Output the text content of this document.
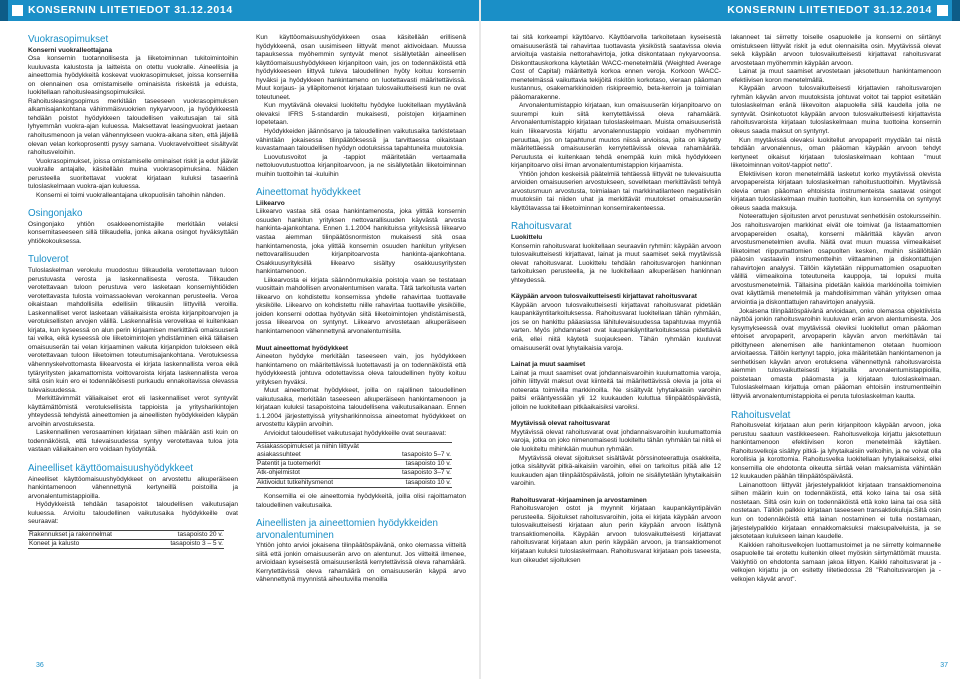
KONSERNIN LIITETIEDOT 31.12.2014	KONSERNIN LIITETIEDOT 31.12.2014
Vuokrasopimukset

Konserni vuokralleottajana

Osa konsernin tuotannollisesta ja liiketoiminnan tukitoimintoihin kuuluvasta kalustosta ja laitteista on otettu vuokralle. Aineellisia ja aineettomia hyödykkeitä koskevat vuokrasopimukset, joissa konsernilla on olennainen osa omistamiselle ominaisista riskeistä ja eduista, luokitellaan rahoitusleasingsopimuksiksi.

Rahoitusleasingsopimus merkitään taseeseen vuokrasopimuksen alkamisajankohtana vähimmäisvuokrien nykyarvoon, ja hyödykkeestä tehdään poistot hyödykkeen taloudellisen vaikutusajan tai sitä lyhyemmän vuokra-ajan kuluessa. Maksettavat leasingvuokrat jaetaan rahoitusmenoon ja velan vähennykseen vuokra-aikana siten, että jäljellä olevan velan korkoprosentti pysyy samana. Vuokravelvoitteet sisältyvät rahoitusveloihin.

Vuokrasopimukset, joissa omistamiselle ominaiset riskit ja edut jäävät vuokralle antajalle, käsitellään muina vuokrasopimuksina. Näiden perusteella suoritettavat vuokrat kirjataan kuluksi tasaerinä tuloslaskelmaan vuokra-ajan kuluessa.

Konserni ei toimi vuokralleantajana ulkopuolisiin tahoihin nähden.

Osingonjako

Osingonjako yhtiön osakkeenomistajille merkitään velaksi konsernitaseeseen sillä tilikaudella, jonka aikana osingot hyväksyttään yhtiökokouksessa.

Tuloverot

Tuloslaskelman verokulu muodostuu tilikaudella verotettavaan tuloon perustuvasta verosta ja laskennallisesta verosta. Tilikauden verotettavaan tuloon perustuva vero lasketaan konserniyhtiöiden verotettavasta tulosta voimassaolevan verokannan perusteella. Veroa oikaistaan mahdollisilla edellisiin tilikausiin liittyvillä veroilla. Laskennalliset verot lasketaan väliaikaisista eroista kirjanpitoarvojen ja verotuksellisten arvojen välillä. Laskennallisia verovelkaa ei kuitenkaan kirjata, kun kyseessä on alun perin kirjaamisen merkittävä omaisuuserä tai velka, eikä kyseessä ole liiketoimintojen yhdistäminen eikä tällaisen omaisuuserän tai velan kirjaaminen vaikuta kirjanpidon tulokseen eikä verotettavaan tuloon liiketoimen toteutumisajankohtana. Verotuksessa vähennyskelvottomasta liikearvosta ei kirjata laskennallista veroa eikä tytäryritysten jakamattomista voittovaroista kirjata laskennallista veroa siltä osin kuin ero ei todennäköisesti purkaudu ennakoitavissa olevassa tulevaisuudessa.

Merkittävimmät väliaikaiset erot eli laskennalliset verot syntyvät käyttämättömistä verotuksellisista tappioista ja yritysharikintojen yhteydessä tehdyistä aineettomien ja aineellisten hyödykkeiden käypän arvoihin arvostuksesta.

Laskennallinen verosaaminen kirjataan siihen määrään asti kuin on todennäköistä, että tulevaisuudessa syntyy verotettavaa tuloa jota vastaan väliaikainen ero voidaan hyödyntää.

Aineelliset käyttöomaisuushyödykkeet

Aineelliset käyttöomaisuushyödykkeet on arvostettu alkuperäiseen hankintamenoon vähennettynä kertyneillä poistoilla ja arvonalentumistappioilla.

Hyödykkeistä tehdään tasapoistot taloudellisen vaikutusajan kuluessa. Arvioitu taloudellinen vaikutusaika hyödykkeille ovat seuraavat:

Rakennukset ja rakennelmat	tasapoisto 20 v.
Koneet ja kalusto	tasapoisto 3 – 5 v.

Kun käyttöomaisuushyödykkeen osaa käsitellään erillisenä hyödykkeenä, osan uusimiseen liittyvät menot aktivoidaan. Muussa tapauksessa myöhemmin syntyvät menot sisällytetään aineellisen käyttöomaisuushyödykkeen kirjanpitoon vain, jos on todennäköistä että hyödykkeeseen liittyvä tuleva taloudellinen hyöty koituu konsernin hyväksi ja hyödykkeen hankintameno on luotettavasti määritettävissä. Muut korjaus- ja ylläpitomenot kirjataan tulosvaikutteisesti kun ne ovat toteutuneet.

Kun myytävänä olevaksi luokiteltu hyödyke luokitellaan myytävänä olevaksi IFRS 5-standardin mukaisesti, poistojen kirjaaminen lopetetaan.

Hyödykkeiden jäännösarvo ja taloudellinen vaikutusaika tarkistetaan vähintään jokaisessa tilinpäätöksessä ja tarvittaessa oikaistaan kuvastamaan taloudellisen hyödyn odotuksissa tapahtuneita muutoksia.

Luovutusvoitot ja -tappiot määritetään vertaamalla nettoluovutustuottoa kirjanpitoarvoon, ja ne sisällytetään liiketoiminnan muihin tuottoihin tai -kuluihin

Aineettomat hyödykkeet

Liikearvo

Liikearvo vastaa sitä osaa hankintamenosta, joka ylittää konsernin osuuden hankitun yrityksen nettovarallisuuden käyvästä arvosta hankinta-ajankohtana. Ennen 1.1.2004 hankituissa yrityksissä liikearvo vastaa aiemman tilinpäätösnormiston mukaisesti sitä osaa hankintamenosta, joka ylittää konsernin osuuden hankitun yrityksen nettovarallisuuden kirjanpitoarvosta hankinta-ajankohtana. Osakkuusyrityksillä liikearvo sisältyy osakkuusyritysten hankintamenoon.

Liikearvosta ei kirjata säännönmukaisia poistoja vaan se testataan vuosittain mahdollisen arvonalentumisen varalta. Tätä tarkoitusta varten liikearvo on kohdistettu konsernissa yhdelle rahavirtaa tuottavalle yksikölle. Liikearvo on kohdistettu niille rahavirtaa tuottaville yksiköille, joiden konserni odottaa hyötyvän siitä liiketoimintojen yhdistämisestä, jossa liikearvoa on syntynyt. Liikearvo arvostetaan alkuperäiseen hankintamenoon vähennettynä arvonalentumisilla.

Muut aineettomat hyödykkeet

Aineeton hyödyke merkitään taseeseen vain, jos hyödykkeen hankintameno on määritettävissä luotettavasti ja on todennäköistä että hyödykkeestä johtuva odotettavissa oleva taloudellinen hyöty koituu yrityksen hyväksi.

Muut aineettomat hyödykkeet, joilla on rajallinen taloudellinen vaikutusaika, merkitään taseeseen alkuperäiseen hankintamenoon ja kirjataan kuluksi tasapoistoina taloudellisena vaikutusaikanaan. Ennen 1.1.2004 järjestettyissä yritysharikinnoissa aineetomat hyödykkeet on arvostettu käypiin arvoihin.

Arvioidut taloudelliset vaikutusajat hyödykkeille ovat seuraavat:

Asiakassopimukset ja niihin liittyvät asiakassuhteet	tasapoisto 5–7 v.
Patentit ja tuotemerkit	tasapoisto 10 v.
Atk-ohjelmistot	tasapoisto 3–7 v.
Aktivoidut tutkehitysmenot	tasapoisto 10 v.

Konsernilla ei ole aineettomia hyödykkeitä, joilla olisi rajoittamaton taloudellinen vaikutusaika.

Aineellisten ja aineettomien hyödykkeiden arvonalentuminen

Yhtiön johto arvioi jokaisena tilinpäätöspäivänä, onko olemassa viitteitä siitä että jonkin omaisuuserän arvo on alentunut. Jos viitteitä ilmenee, arvioidaan kyseisestä omaisuuserästä kerrytettävissä oleva rahamäärä. Kerrytettävissä oleva rahamäärä on omaisuuserän käypä arvo vähennettynä myynnistä aiheutuvilla menoilla

tai sitä korkeampi käyttöarvo. Käyttöarvolla tarkoitetaan kyseisestä omaisuuserästä tai rahavirtaa tuottavasta yksiköstä saatavissa olevia arvioituja vastaisia nettorahavirtoja, jotka diskontataan nykyarvoonsa. Diskonttauskorkona käytetään WACC-menetelmällä (Weighted Average Cost of Capital) määritettyä korkoa ennen veroja. Korkoon WACC-menetelmässä vaikuttavia tekijöitä riskitön korkotaso, vieraan pääoman kustannus, osakemarkkinoiden riskipreemio, beta-kerroin ja toimialan pääomarakenne.

Arvonalentumistappio kirjataan, kun omaisuuserän kirjanpitoarvo on suurempi kuin siitä kerrytettävissä oleva rahamäärä. Arvonalentumistappio kirjataan tuloslaskelmaan. Muista omaisuuseristä kuin liikearvosta kirjattu arvonalennustappio voidaan myöhemmin peruuttaa, jos on tapahtunut muutos niissä arvioissa, joita on käytetty määritettäessä omaisuuserän kerrytettävissä olevaa rahamäärää. Peruutusta ei kuitenkaan tehdä enempää kuin mikä hyödykkeen kirjanpitoarvo olisi ilman arvonalentumistappion kirjaamista.

Yhtiön johdon keskeisiä päätelmiä tehtäessä liittyvät ne tulevaisuutta arvioiden omaisuuserien arvostukseen, sovelletaan merkittävästi tehtyä arvostusmuun arvostusta, toimialaan tai markkinatilanteen negatiivisiin muutoksiin tai niiden uhat ja merkittävät muutokset omaisuuserän käyttötavassa tai liiketoiminnan konsernirakenteessa.

Rahoitusvarat

Luokittelu

Konsernin rahoitusvarat luokitellaan seuraaviin ryhmiin: käypään arvoon tulosvaikutteisesti kirjattavat, lainat ja muut saamiset sekä myytävissä olevat rahoitusvarat. Luokittelu tehdään rahoitusvarojen hankinnan tarkoituksen perusteella, ja ne luokitellaan alkuperäisen hankinnan yhteydessä.

Käypään arvoon tulosvaikutteisesti kirjattavat rahoitusvarat

Käypään arvoon tulosvaikutteisesti kirjattavat rahoitusvarat pidetään kaupankäyntitarkoituksessa. Rahoitusvarat luokitellaan tähän ryhmään, jos se on hankittu pääasiassa lähitulevaisuudessa tapahtuvaa myyntiä varten. Myös johdannaiset ovat kaupankäyntitarkoituksessa pidettäviä eriä, ellei niitä käytetä suojaukseen. Tähän ryhmään kuuluvat omaisuuserät ovat lyhytaikaisia varoja.

Lainat ja muut saamiset

Lainat ja muut saamiset ovat johdannaisvaroihin kuulumattomia varoja, joihin liittyvät maksut ovat kiinteitä tai määritettävissä olevia ja joita ei noteerata toimivilla markkinoilla. Ne sisältyvät lyhytaikaisiin varoihin paitsi erääntyessään yli 12 kuukauden kuluttua tilinpäätöspäivästä, jolloin ne luokitellaan pitkäaikaisiksi varoiksi.

Myytävissä olevat rahoitusvarat

Myytävissä olevat rahoitusvarat ovat johdannaisvaroihin kuulumattomia varoja, jotka on joko nimenomaisesti luokiteltu tähän ryhmään tai niitä ei ole luokiteltu mihinkään muuhun ryhmään.

Myytävissä olevat sijoitukset sisältävät pörssinoteerattuja osakkeita, jotka sisältyvät pitkä-aikaisiin varoihin, ellei on tarkoitus pitää alle 12 kuukauden ajan tilinpäätöspäivästä, jolloin ne sisällytetään lyhytaikaisiin varoihin.

Rahoitusvarat -kirjaaminen ja arvostaminen

Rahoitusvarojen ostot ja myynnit kirjataan kaupankäyntipäivän perusteella. Sijoitukset rahoitusvaroihin, joita ei kirjata käypään arvoon tulosvaikutteisesti kirjataan alun perin käypään arvoon lisättynä transaktiomenoilla. Käypään arvoon tulosvaikutteisesti kirjattavat rahoitusvarat kirjataan alun perin käypään arvoon, ja transaktiomenot kirjataan kuluksi tuloslaskelmaan. Rahoitusvarat kirjataan pois taseesta, kun oikeudet sijoituksen

lakanneet tai siirretty toiselle osapuolelle ja konserni on siirtänyt omistukseen liittyvät riskit ja edut olennaisilta osin. Myytävissä olevat sekä käypään arvoon tulosvaikutteisesti kirjattavat rahoitusvarat arvostetaan myöhemmin käypään arvoon.

Lainat ja muut saamiset arvostetaan jaksotettuun hankintamenoon efektiivisen koron menetelmällä.

Käypään arvoon tulosvaikutteisesti kirjattavien rahoitusvarojen ryhmän käyvän arvon muutoksista johtuvat voitot tai tappiot esitetään tuloslaskelman eränä liikevoiton alapuolella sillä kaudella jolla ne syntyvät. Osinkotuotot käypään arvoon tulosvaikutteisesti kirjattavista rahoitusvaroista kirjataan tuloslaskelmaan muina tuottoina konsernin oikeus saada maksut on syntynyt.

Kun myytävissä olevaksi luokitellut arvopaperit myydään tai niistä tehdään arvonalennus, oman pääoman käypään arvoon tehdyt kertyneet oikaisut kirjataan tuloslaskelmaan kohtaan "muut liiketoiminnan voitot/-tappiot netto".

Efektiivisen koron menetelmällä lasketut korko myytävissä olevista arvopapereista kirjataan tuloslaskelman rahoitustuottoihin. Myytävissä olevia oman pääoman ehtoisista instrumenteista saatavat osingot kirjataan tuloslaskelmaan muihin tuottoihin, kun konsernilla on syntynyt oikeus saada maksuja.

Noteerattujen sijoitusten arvot perustuvat senhetkisiin ostokursseihin. Jos rahoitusvarojen markkinat eivät ole toimivat (ja listaamattomien arvopapereiden osalta), konserni määrittää käyvän arvon arvostusmenetelmien avulla. Näitä ovat muun muassa viimeaikaiset liiketoimet riippumattomien osapuolten kesken, muihin sisällöltään pääosin vastaaviin instrumentteihin viittaaminen ja diskontattujen rahavirtojen analyysi. Tällöin käytetään niippumattomien osapuolten välillä viimeaikoina toteutuneita kauppoja, tai lopuksi muita arvostusmenetelmiä. Tällaisina pidetään kaikkia markkinoilla toimivien ovat käyttämiä menetelmiä ja mahdollisimman vähän yrityksen omaa arviointia ja diskonttattujen rahavirtojen analyysiä.

Jokaisena tilinpäätöspäivänä arvioidaan, onko olemassa objektiivista näyttöä jonkin rahoitusvaroihin kuuluvan erän arvon alentumisesta. Jos kysymykseessä ovat myytävissä oleviksi luokitellut oman pääoman ehtoiset arvopaperit, arvopaperin käyvän arvon merkittävän tai pitkittyneen alenemisen alle hankintamenon otetaan huomioon arvioitaessa. Tällöin kertynyt tappio, joka määritetään hankintamenon ja senhetkisen käyvän arvon erotuksena vähennettynä rahoitusvaroista aiemmin tulosvaikutteisesti kirjatuilla arvonalentumistappioilla, poistetaan omasta pääomasta ja kirjataan tuloslaskelmaan. Tuloslaskelmaan kirjattuja oman pääoman ehtoisiin instrumentteihin liittyviä arvonalentumistappioita ei peruta tuloslaskelman kautta.

Rahoitusvelat

Rahoitusvelat kirjataan alun perin kirjanpitoon käypään arvoon, joka perustuu saatuun vastikkeeseen. Rahoitusvelkoja kirjattu jaksotettuun hankintamenoon efektiivisen koron menetelmää käyttäen. Rahoitusvelkoja sisältyy pitkä- ja lyhytaikaisiin velkoihin, ja ne voivat olla korollisia ja korottomia. Rahoitusvelka luokitellaan lyhytaikaiseksi, ellei konsernilla ole ehdotonta oikeutta siirtää velan maksamista vähintään 12 kuukauden päähän tilinpäätöspäivästä.

Lainanottoon liittyvät järjestelypalkkiot kirjataan transaktiomenoina siihen määrin kuin on todennäköistä, että koko laina tai osa siitä nostetaan. Siltä osin kuin on todennäköistä että koko laina tai osa siitä nostetaan. Tällöin palkkio kirjataan taseeseen transaktiokuluja.Siltä osin kun on todennäköistä että lainan nostaminen ei tulla nostamaan, järjestelypalkkio kirjataan ennakkomaksuksi maksupalveluista, ja se jaksotetaan kulukseen lainan kaudelle.

Kaikkien rahoitusvelkojen luottamustoimet ja ne siirretty kolmannelle osapuolelle tai erotettu kuitenkin olleet myöskin siirtymättömät muusta. Vakiyhtiö on ehdotonta samaan jakoa liittyen. Kaikki rahoitusvarat ja -velkojen kirjattu ja on esitetty liitetiedossa 28 "Rahoitusvarojen ja -velkojen käyvät arvot".

36	37
